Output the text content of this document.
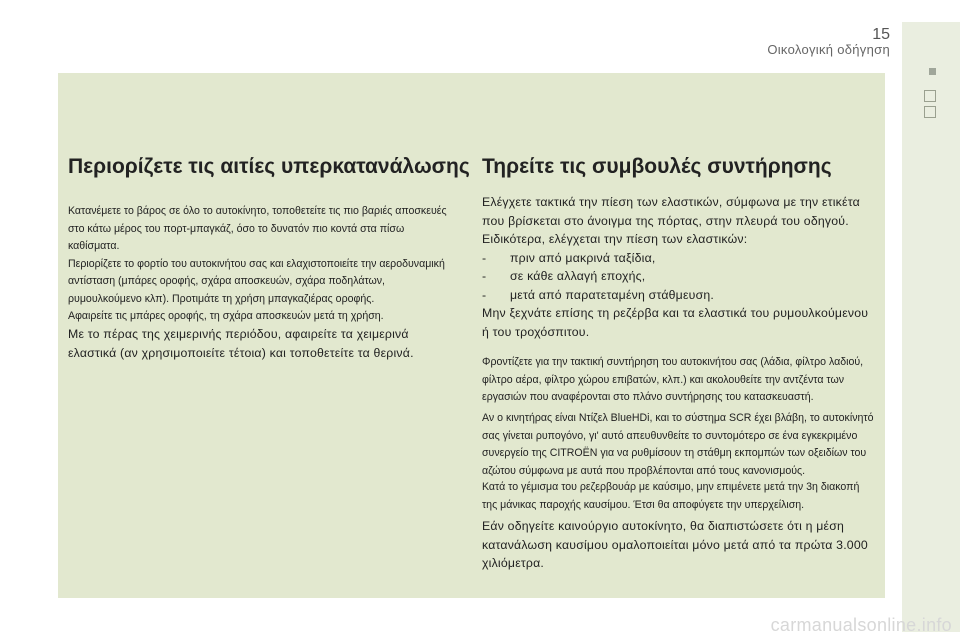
15
Οικολογική οδήγηση
Περιορίζετε τις αιτίες υπερκατανάλωσης

Κατανέμετε το βάρος σε όλο το αυτοκίνητο, τοποθετείτε τις πιο βαριές αποσκευές στο κάτω μέρος του πορτ-μπαγκάζ, όσο το δυνατόν πιο κοντά στα πίσω καθίσματα.

Περιορίζετε το φορτίο του αυτοκινήτου σας και ελαχιστοποιείτε την αεροδυναμική αντίσταση (μπάρες οροφής, σχάρα αποσκευών, σχάρα ποδηλάτων, ρυμουλκούμενο κλπ). Προτιμάτε τη χρήση μπαγκαζιέρας οροφής.

Αφαιρείτε τις μπάρες οροφής, τη σχάρα αποσκευών μετά τη χρήση.

Με το πέρας της χειμερινής περιόδου, αφαιρείτε τα χειμερινά ελαστικά (αν χρησιμοποιείτε τέτοια) και τοποθετείτε τα θερινά.

Τηρείτε τις συμβουλές συντήρησης

Ελέγχετε τακτικά την πίεση των ελαστικών, σύμφωνα με την ετικέτα που βρίσκεται στο άνοιγμα της πόρτας, στην πλευρά του οδηγού.

Ειδικότερα, ελέγχεται την πίεση των ελαστικών:

- πριν από μακρινά ταξίδια,
- σε κάθε αλλαγή εποχής,
- μετά από παρατεταμένη στάθμευση.

Μην ξεχνάτε επίσης τη ρεζέρβα και τα ελαστικά του ρυμουλκούμενου ή του τροχόσπιτου.

Φροντίζετε για την τακτική συντήρηση του αυτοκινήτου σας (λάδια, φίλτρο λαδιού, φίλτρο αέρα, φίλτρο χώρου επιβατών, κλπ.) και ακολουθείτε την αντζέντα των εργασιών που αναφέρονται στο πλάνο συντήρησης του κατασκευαστή.

Αν ο κινητήρας είναι Ντίζελ BlueHDi, και το σύστημα SCR έχει βλάβη, το αυτοκίνητό σας γίνεται ρυπογόνο, γι' αυτό απευθυνθείτε το συντομότερο σε ένα εγκεκριμένο συνεργείο της CITROËN για να ρυθμίσουν τη στάθμη εκπομπών των οξειδίων του αζώτου σύμφωνα με αυτά που προβλέπονται από τους κανονισμούς.

Κατά το γέμισμα του ρεζερβουάρ με καύσιμο, μην επιμένετε μετά την 3η διακοπή της μάνικας παροχής καυσίμου. Έτσι θα αποφύγετε την υπερχείλιση.

Εάν οδηγείτε καινούργιο αυτοκίνητο, θα διαπιστώσετε ότι η μέση κατανάλωση καυσίμου ομαλοποιείται μόνο μετά από τα πρώτα 3.000 χιλιόμετρα.

carmanualsonline.info
